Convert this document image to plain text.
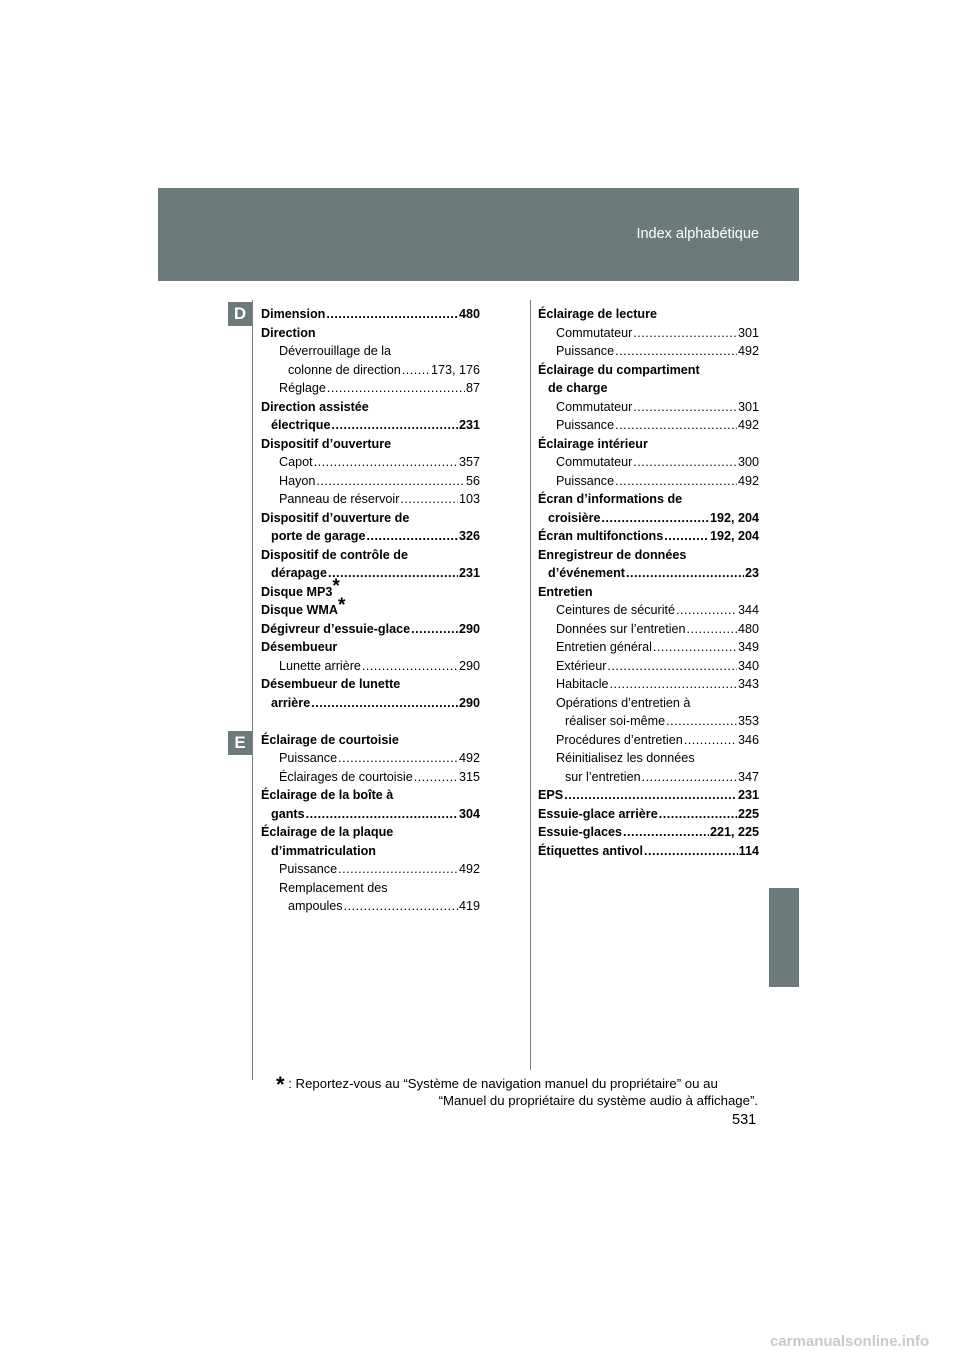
Index alphabétique
D
E
Dimension .....	480
Direction
Déverrouillage de la
colonne de direction ..... 173, 176
Réglage .....	87
Direction assistée
électrique .....	231
Dispositif d’ouverture
Capot .....	357
Hayon .....	56
Panneau de réservoir .....	103
Dispositif d’ouverture de
porte de garage .....	326
Dispositif de contrôle de
dérapage .....	231
Disque MP3*
Disque WMA*
Dégivreur d’essuie-glace .....	290
Désembueur
Lunette arrière .....	290
Désembueur de lunette
arrière .....	290
Éclairage de courtoisie
Puissance .....	492
Éclairages de courtoisie .....	315
Éclairage de la boîte à
gants .....	304
Éclairage de la plaque
d’immatriculation
Puissance .....	492
Remplacement des
ampoules .....	419
Éclairage de lecture
Commutateur .....	301
Puissance .....	492
Éclairage du compartiment
de charge
Commutateur .....	301
Puissance .....	492
Éclairage intérieur
Commutateur .....	300
Puissance .....	492
Écran d’informations de
croisière .....	192, 204
Écran multifonctions .....	192, 204
Enregistreur de données
d’événement .....	23
Entretien
Ceintures de sécurité .....	344
Données sur l’entretien .....	480
Entretien général .....	349
Extérieur .....	340
Habitacle .....	343
Opérations d’entretien à
réaliser soi-même .....	353
Procédures d’entretien .....	346
Réinitialisez les données
sur l’entretien .....	347
EPS .....	231
Essuie-glace arrière .....	225
Essuie-glaces .....	221, 225
Étiquettes antivol .....	114
* : Reportez-vous au “Système de navigation manuel du propriétaire” ou au
“Manuel du propriétaire du système audio à affichage”.
531
carmanualsonline.info
